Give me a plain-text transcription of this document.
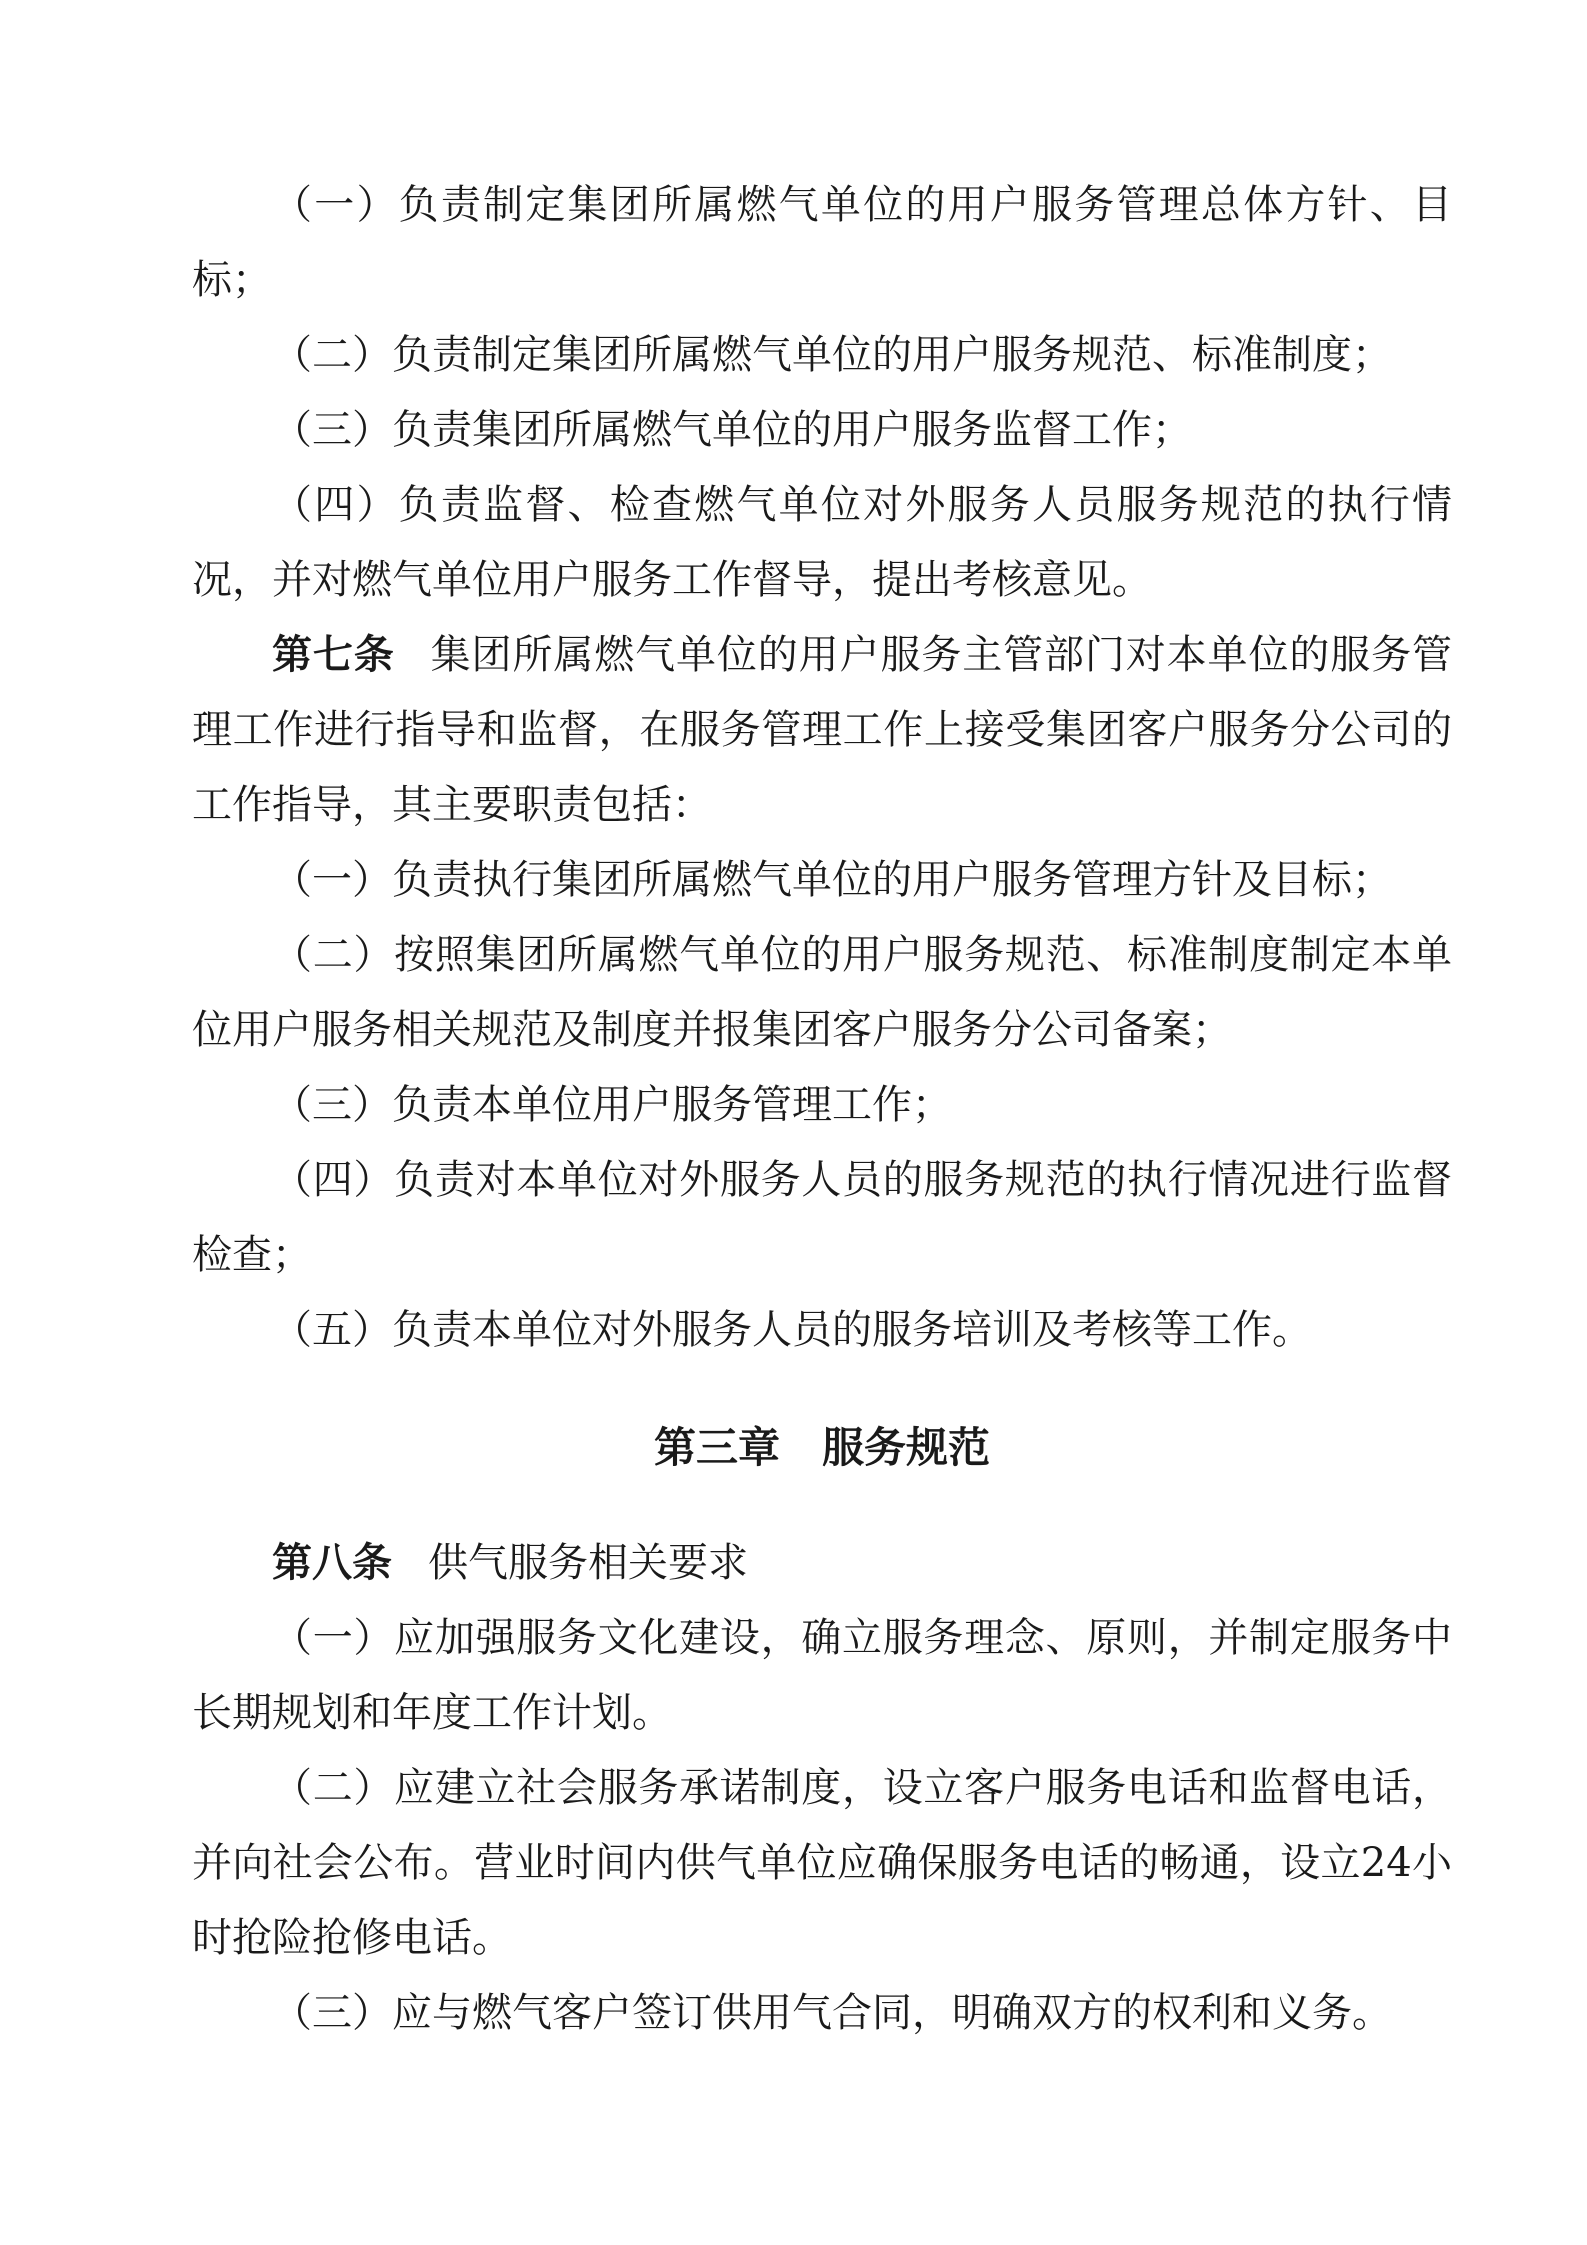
（一）负责制定集团所属燃气单位的用户服务管理总体方针、目标；

（二）负责制定集团所属燃气单位的用户服务规范、标准制度；

（三）负责集团所属燃气单位的用户服务监督工作；

（四）负责监督、检查燃气单位对外服务人员服务规范的执行情况，并对燃气单位用户服务工作督导，提出考核意见。

第七条 集团所属燃气单位的用户服务主管部门对本单位的服务管理工作进行指导和监督，在服务管理工作上接受集团客户服务分公司的工作指导，其主要职责包括：

（一）负责执行集团所属燃气单位的用户服务管理方针及目标；

（二）按照集团所属燃气单位的用户服务规范、标准制度制定本单位用户服务相关规范及制度并报集团客户服务分公司备案；

（三）负责本单位用户服务管理工作；

（四）负责对本单位对外服务人员的服务规范的执行情况进行监督检查；

（五）负责本单位对外服务人员的服务培训及考核等工作。

第三章 服务规范

第八条 供气服务相关要求

（一）应加强服务文化建设，确立服务理念、原则，并制定服务中长期规划和年度工作计划。

（二）应建立社会服务承诺制度，设立客户服务电话和监督电话，并向社会公布。营业时间内供气单位应确保服务电话的畅通，设立24小时抢险抢修电话。

（三）应与燃气客户签订供用气合同，明确双方的权利和义务。
